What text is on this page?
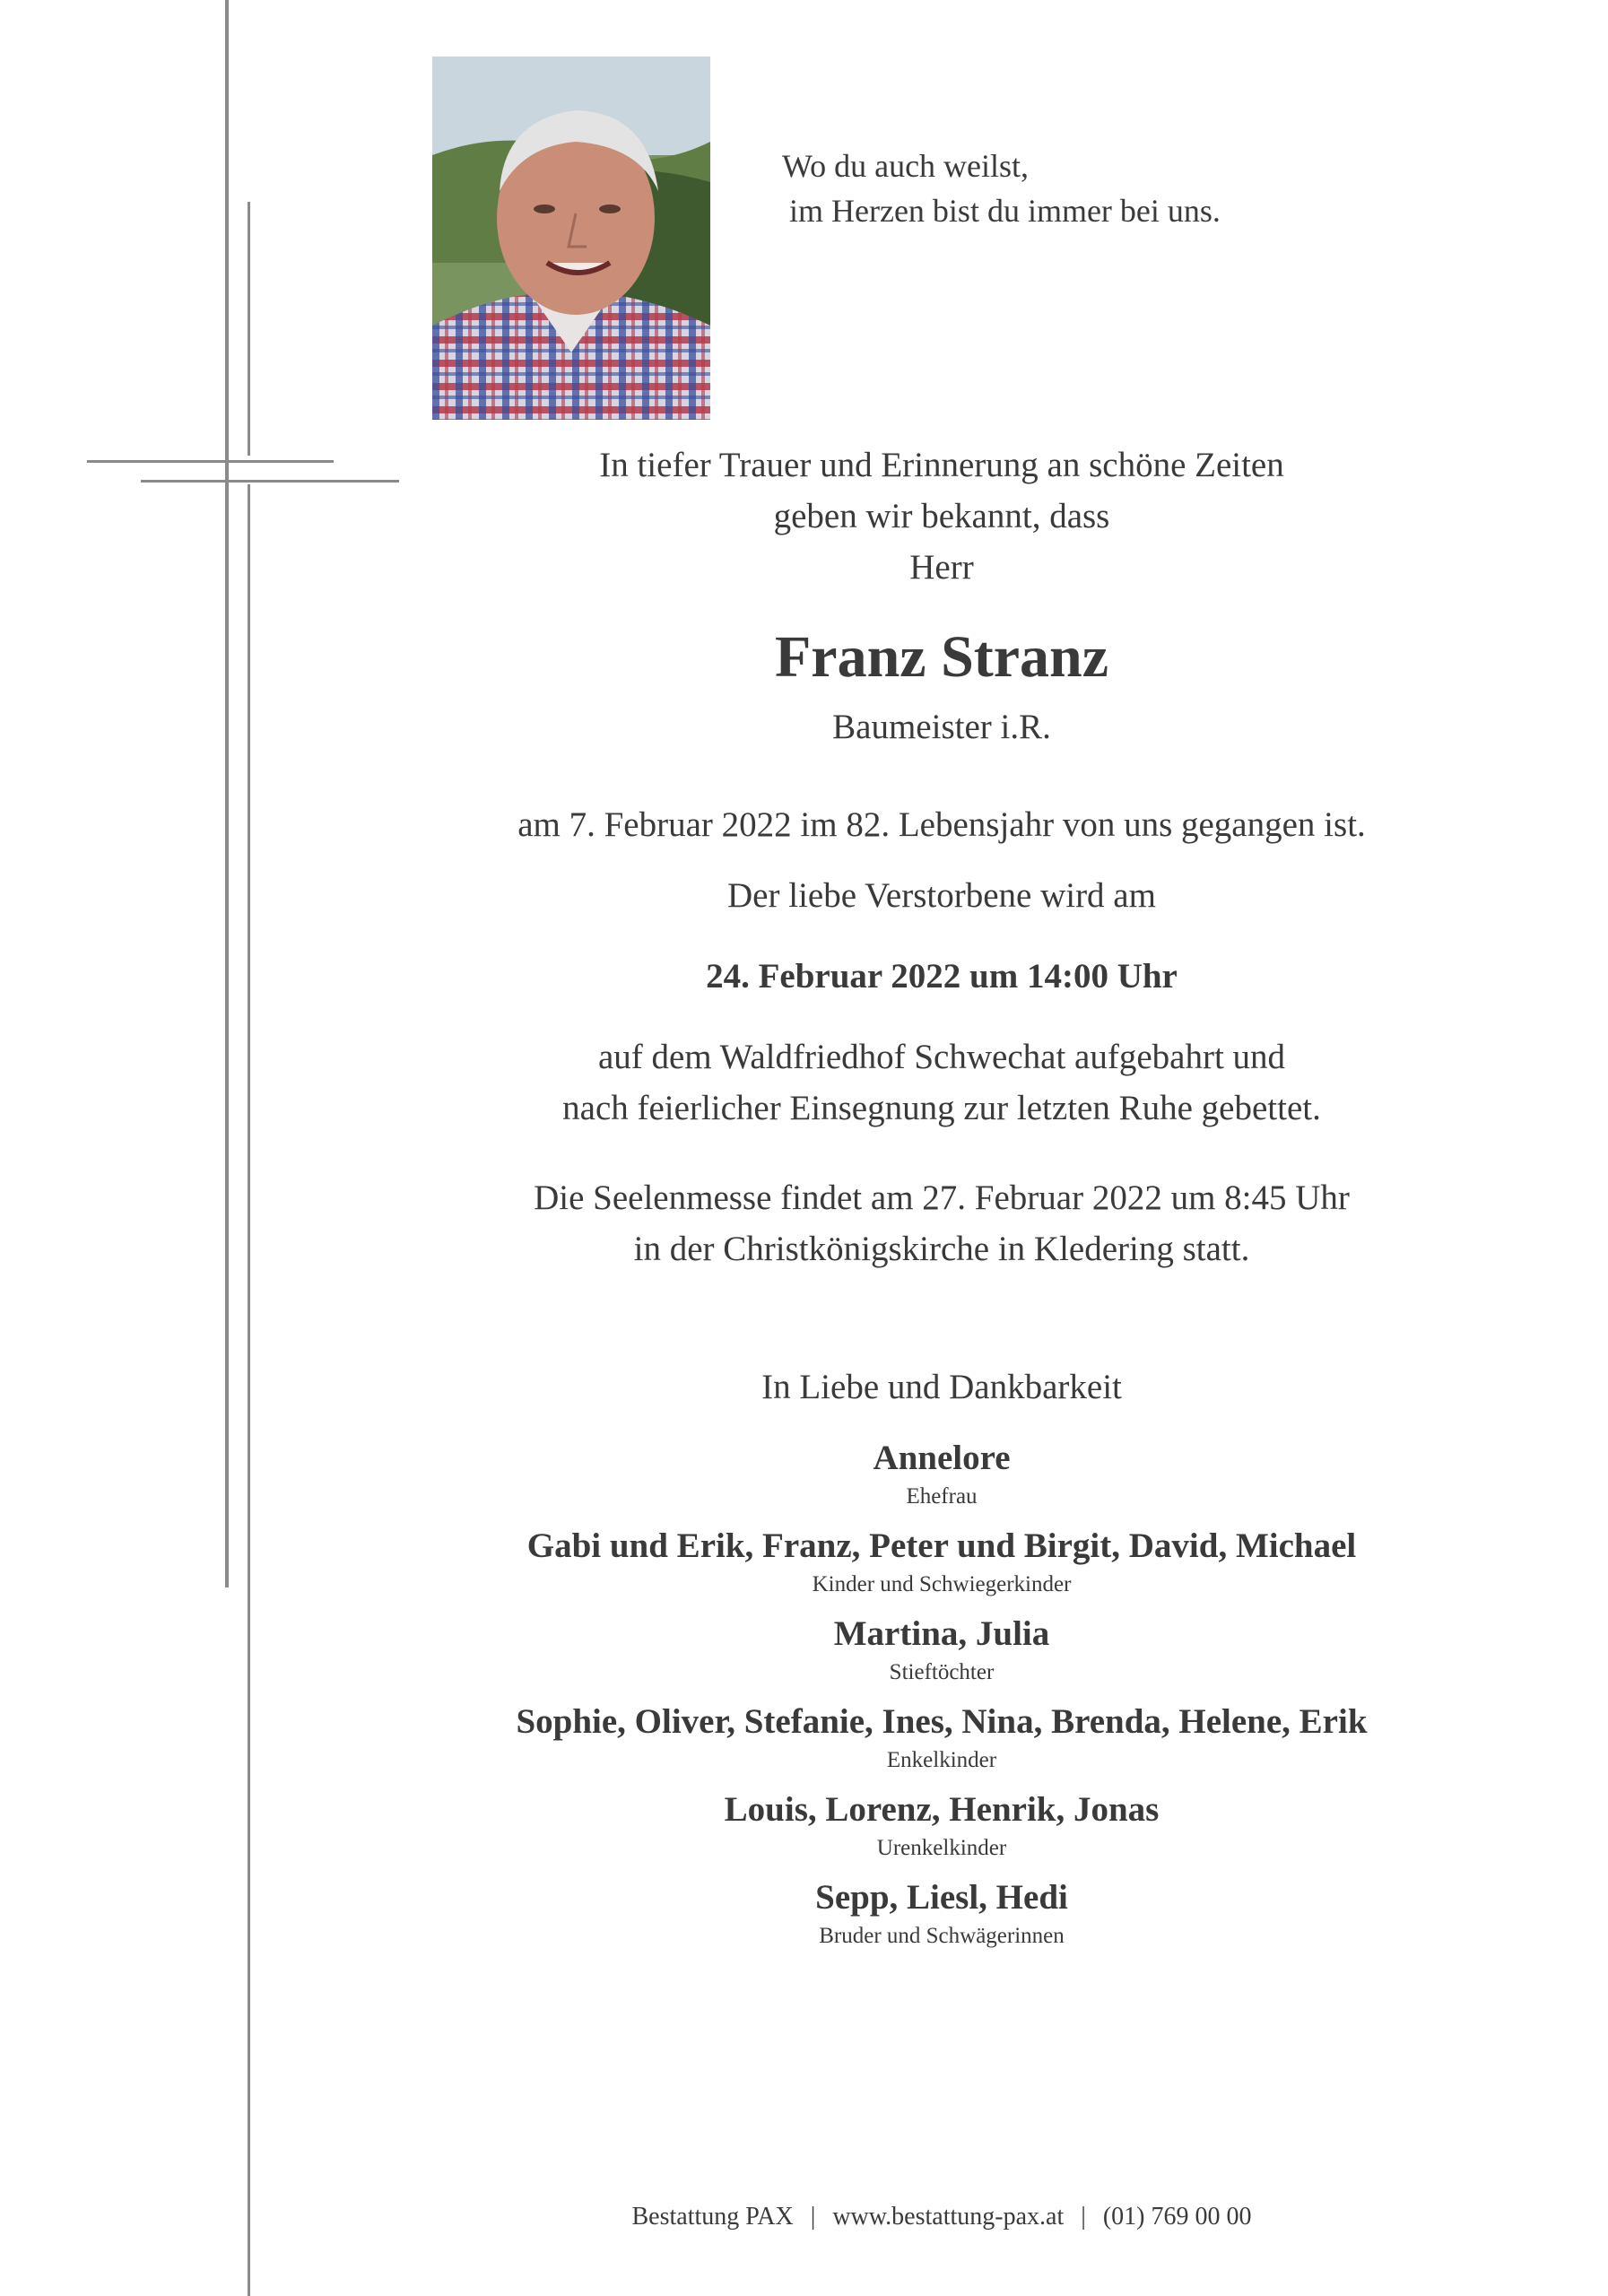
Wo du auch weilst,
im Herzen bist du immer bei uns.
In tiefer Trauer und Erinnerung an schöne Zeiten
geben wir bekannt, dass
Herr
Franz Stranz
Baumeister i.R.
am 7. Februar 2022 im 82. Lebensjahr von uns gegangen ist.
Der liebe Verstorbene wird am
24. Februar 2022 um 14:00 Uhr
auf dem Waldfriedhof Schwechat aufgebahrt und
nach feierlicher Einsegnung zur letzten Ruhe gebettet.
Die Seelenmesse findet am 27. Februar 2022 um 8:45 Uhr
in der Christkönigskirche in Kledering statt.
In Liebe und Dankbarkeit
Annelore
Ehefrau
Gabi und Erik, Franz, Peter und Birgit, David, Michael
Kinder und Schwiegerkinder
Martina, Julia
Stieftöchter
Sophie, Oliver, Stefanie, Ines, Nina, Brenda, Helene, Erik
Enkelkinder
Louis, Lorenz, Henrik, Jonas
Urenkelkinder
Sepp, Liesl, Hedi
Bruder und Schwägerinnen
Bestattung PAX | www.bestattung-pax.at | (01) 769 00 00
